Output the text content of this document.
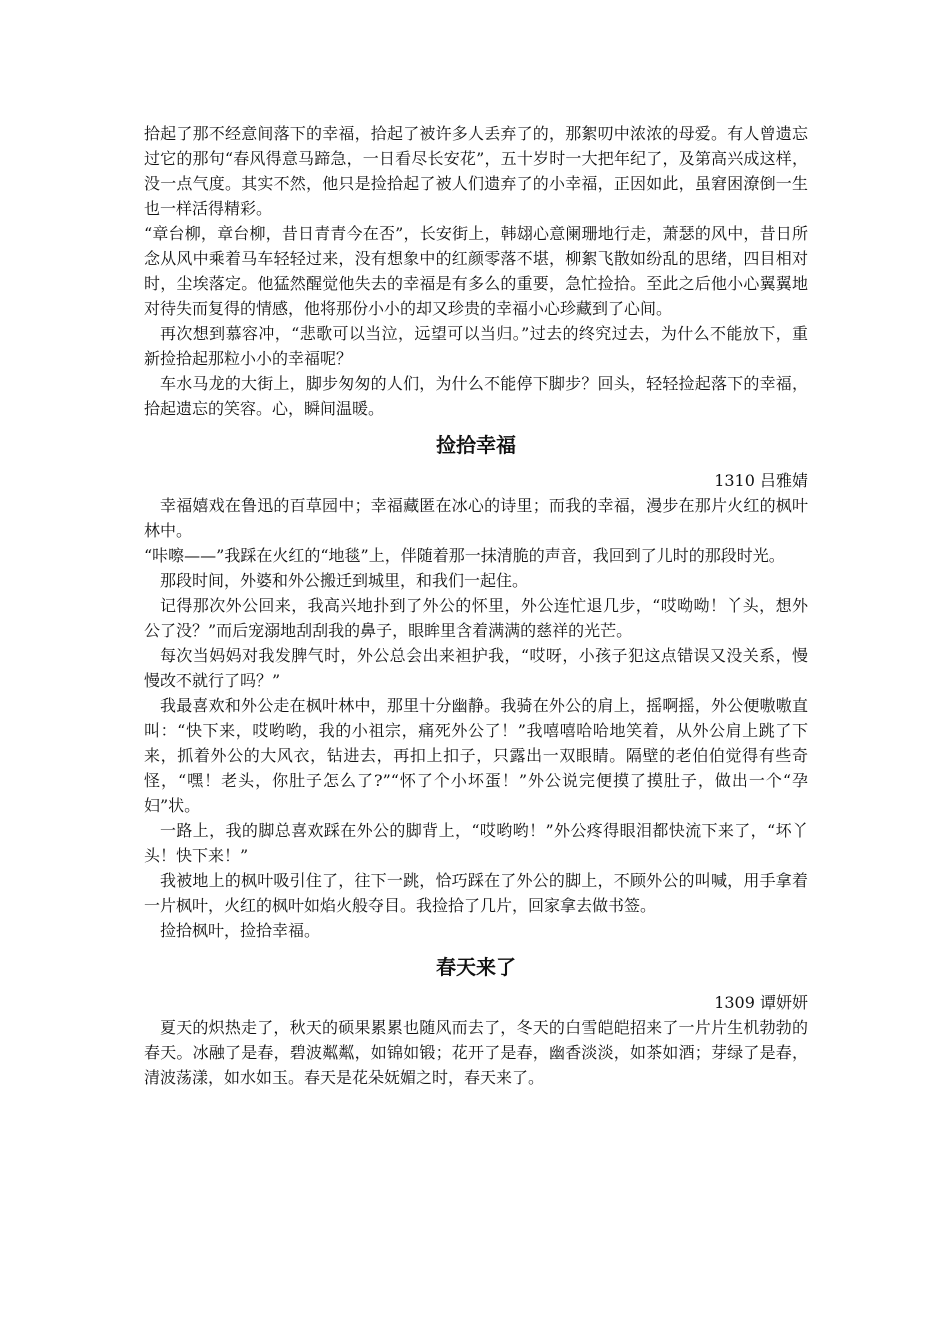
拾起了那不经意间落下的幸福，拾起了被许多人丢弃了的，那絮叨中浓浓的母爱。有人曾遗忘过它的那句“春风得意马蹄急，一日看尽长安花”，五十岁时一大把年纪了，及第高兴成这样，没一点气度。其实不然，他只是捡拾起了被人们遗弃了的小幸福，正因如此，虽窘困潦倒一生也一样活得精彩。

“章台柳，章台柳，昔日青青今在否”，长安街上，韩翃心意阑珊地行走，萧瑟的风中，昔日所念从风中乘着马车轻轻过来，没有想象中的红颜零落不堪，柳絮飞散如纷乱的思绪，四目相对时，尘埃落定。他猛然醒觉他失去的幸福是有多么的重要，急忙捡拾。至此之后他小心翼翼地对待失而复得的情感，他将那份小小的却又珍贵的幸福小心珍藏到了心间。

再次想到慕容冲，“悲歌可以当泣，远望可以当归。”过去的终究过去，为什么不能放下，重新捡拾起那粒小小的幸福呢？

车水马龙的大街上，脚步匆匆的人们，为什么不能停下脚步？回头，轻轻捡起落下的幸福，拾起遗忘的笑容。心，瞬间温暖。

捡拾幸福
1310 吕雅婧

幸福嬉戏在鲁迅的百草园中；幸福藏匿在冰心的诗里；而我的幸福，漫步在那片火红的枫叶林中。

“咔嚓——”我踩在火红的“地毯”上，伴随着那一抹清脆的声音，我回到了儿时的那段时光。

那段时间，外婆和外公搬迁到城里，和我们一起住。

记得那次外公回来，我高兴地扑到了外公的怀里，外公连忙退几步，“哎呦呦！丫头，想外公了没？”而后宠溺地刮刮我的鼻子，眼眸里含着满满的慈祥的光芒。

每次当妈妈对我发脾气时，外公总会出来袒护我，“哎呀，小孩子犯这点错误又没关系，慢慢改不就行了吗？”

我最喜欢和外公走在枫叶林中，那里十分幽静。我骑在外公的肩上，摇啊摇，外公便嗷嗷直叫：“快下来，哎哟哟，我的小祖宗，痛死外公了！”我嘻嘻哈哈地笑着，从外公肩上跳了下来，抓着外公的大风衣，钻进去，再扣上扣子，只露出一双眼睛。隔壁的老伯伯觉得有些奇怪，“嘿！老头，你肚子怎么了?”“怀了个小坏蛋！”外公说完便摸了摸肚子，做出一个“孕妇”状。

一路上，我的脚总喜欢踩在外公的脚背上，“哎哟哟！”外公疼得眼泪都快流下来了，“坏丫头！快下来！”

我被地上的枫叶吸引住了，往下一跳，恰巧踩在了外公的脚上，不顾外公的叫喊，用手拿着一片枫叶，火红的枫叶如焰火般夺目。我捡拾了几片，回家拿去做书签。

捡拾枫叶，捡拾幸福。

春天来了
1309 谭妍妍

夏天的炽热走了，秋天的硕果累累也随风而去了，冬天的白雪皑皑招来了一片片生机勃勃的春天。冰融了是春，碧波粼粼，如锦如锻；花开了是春，幽香淡淡，如茶如酒；芽绿了是春，清波荡漾，如水如玉。春天是花朵妩媚之时，春天来了。
